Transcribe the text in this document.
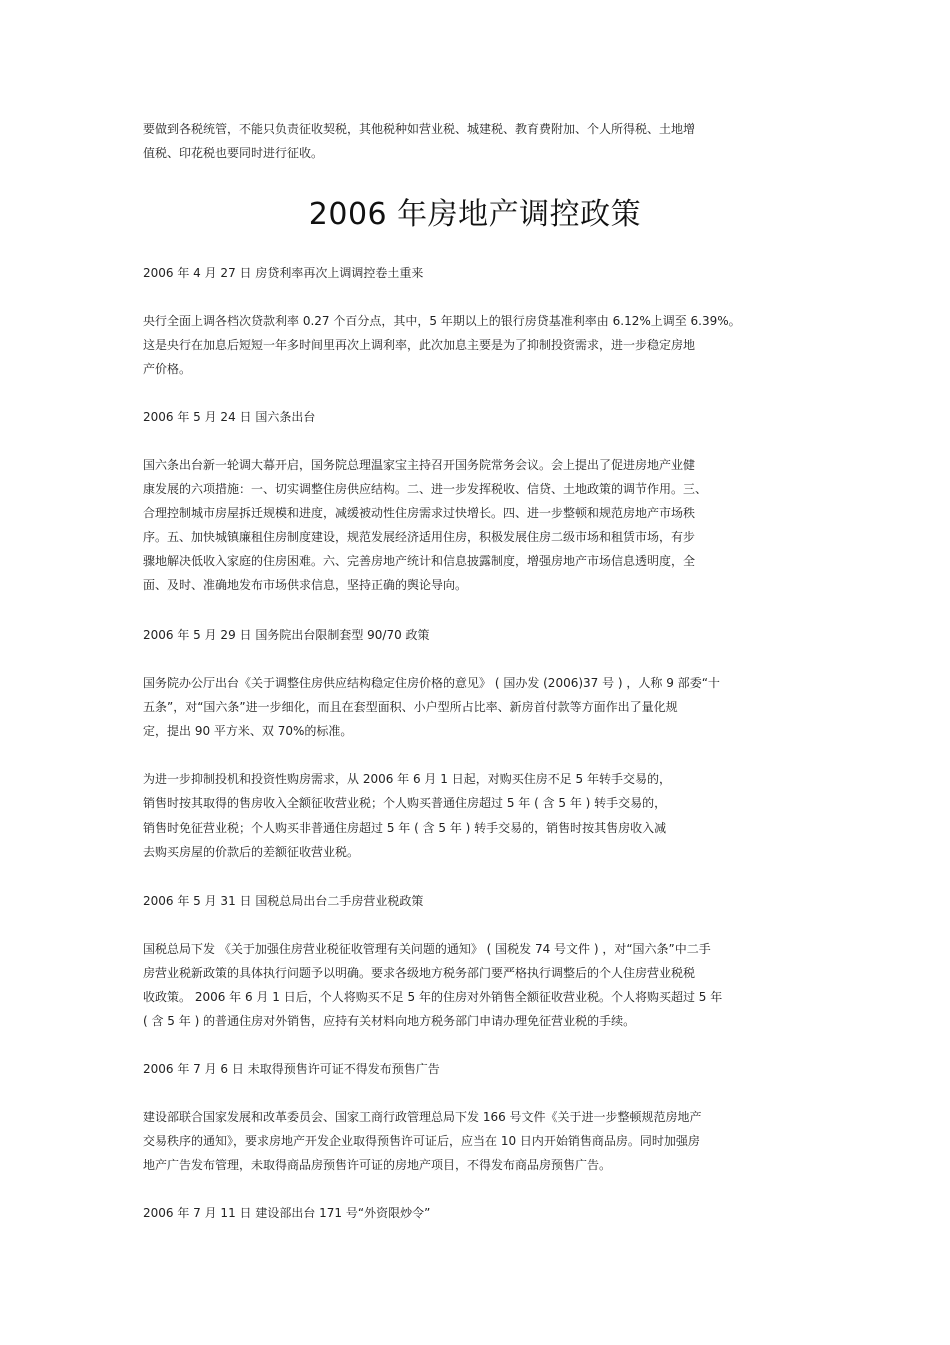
要做到各税统管，不能只负责征收契税，其他税种如营业税、城建税、教育费附加、个人所得税、土地增
值税、印花税也要同时进行征收。
2006 年房地产调控政策
2006 年 4 月 27 日 房贷利率再次上调调控卷土重来
央行全面上调各档次贷款利率 0.27 个百分点，其中，5 年期以上的银行房贷基准利率由 6.12%上调至 6.39%。
这是央行在加息后短短一年多时间里再次上调利率，此次加息主要是为了抑制投资需求，进一步稳定房地
产价格。
2006 年 5 月 24 日 国六条出台
国六条出台新一轮调大幕开启，国务院总理温家宝主持召开国务院常务会议。会上提出了促进房地产业健
康发展的六项措施：一、切实调整住房供应结构。二、进一步发挥税收、信贷、土地政策的调节作用。三、
合理控制城市房屋拆迁规模和进度，减缓被动性住房需求过快增长。四、进一步整顿和规范房地产市场秩
序。五、加快城镇廉租住房制度建设，规范发展经济适用住房，积极发展住房二级市场和租赁市场，有步
骤地解决低收入家庭的住房困难。六、完善房地产统计和信息披露制度，增强房地产市场信息透明度，全
面、及时、准确地发布市场供求信息，坚持正确的舆论导向。
2006 年 5 月 29 日 国务院出台限制套型 90/70 政策
国务院办公厅出台《关于调整住房供应结构稳定住房价格的意见》 ( 国办发 (2006)37 号 ) ，人称 9 部委“十
五条”，对“国六条”进一步细化，而且在套型面积、小户型所占比率、新房首付款等方面作出了量化规
定，提出 90 平方米、双 70%的标准。
为进一步抑制投机和投资性购房需求，从 2006 年 6 月 1 日起，对购买住房不足 5 年转手交易的，
销售时按其取得的售房收入全额征收营业税；个人购买普通住房超过 5 年 ( 含 5 年 ) 转手交易的，
销售时免征营业税；个人购买非普通住房超过 5 年 ( 含 5 年 ) 转手交易的，销售时按其售房收入减
去购买房屋的价款后的差额征收营业税。
2006 年 5 月 31 日 国税总局出台二手房营业税政策
国税总局下发 《关于加强住房营业税征收管理有关问题的通知》 ( 国税发 74 号文件 ) ，对“国六条”中二手
房营业税新政策的具体执行问题予以明确。要求各级地方税务部门要严格执行调整后的个人住房营业税税
收政策。 2006 年 6 月 1 日后，个人将购买不足 5 年的住房对外销售全额征收营业税。个人将购买超过 5 年
( 含 5 年 ) 的普通住房对外销售，应持有关材料向地方税务部门申请办理免征营业税的手续。
2006 年 7 月 6 日 未取得预售许可证不得发布预售广告
建设部联合国家发展和改革委员会、国家工商行政管理总局下发 166 号文件《关于进一步整顿规范房地产
交易秩序的通知》，要求房地产开发企业取得预售许可证后，应当在 10 日内开始销售商品房。同时加强房
地产广告发布管理，未取得商品房预售许可证的房地产项目，不得发布商品房预售广告。
2006 年 7 月 11 日 建设部出台 171 号“外资限炒令”
